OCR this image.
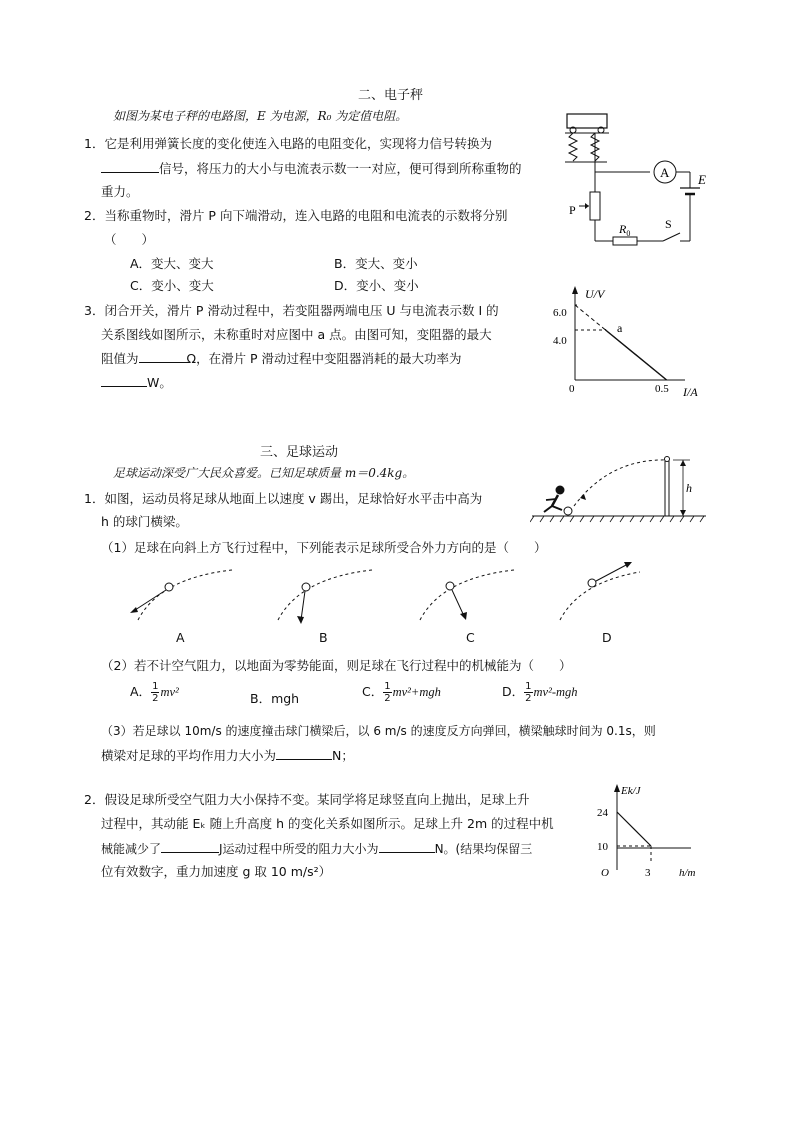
二、电子秤
如图为某电子秤的电路图，E 为电源，R₀ 为定值电阻。
1．它是利用弹簧长度的变化使连入电路的电阻变化，实现将力信号转换为
信号，将压力的大小与电流表示数一一对应，便可得到所称重物的
重力。
2．当称重物时，滑片 P 向下端滑动，连入电路的电阻和电流表的示数将分别
（　　）
A．变大、变大	B．变大、变小
C．变小、变大	D．变小、变小
3．闭合开关，滑片 P 滑动过程中，若变阻器两端电压 U 与电流表示数 I 的
关系图线如图所示，未称重时对应图中 a 点。由图可知，变阻器的最大
阻值为	Ω，在滑片 P 滑动过程中变阻器消耗的最大功率为
W。
A E
P
$R_0$
S
U/V
I/A
6.0
4.0
0	0.5
a
三、足球运动
足球运动深受广大民众喜爱。已知足球质量 m＝0.4kg。
1．如图，运动员将足球从地面上以速度 v 踢出，足球恰好水平击中高为
h 的球门横梁。
（1）足球在向斜上方飞行过程中，下列能表示足球所受合外力方向的是（　　）
h
A	B	C	D
（2）若不计空气阻力，以地面为零势能面，则足球在飞行过程中的机械能为（　　）
A． $\frac{1}{2} mv^2$	B．mgh	C． $\frac{1}{2} mv^2+mgh$	D． $\frac{1}{2} mv^2-mgh$
（3）若足球以 10m/s 的速度撞击球门横梁后，以 6 m/s 的速度反方向弹回，横梁触球时间为 0.1s，则
横梁对足球的平均作用力大小为	N；
2．假设足球所受空气阻力大小保持不变。某同学将足球竖直向上抛出，足球上升
过程中，其动能 Eₖ 随上升高度 h 的变化关系如图所示。足球上升 2m 的过程中机
械能减少了	J运动过程中所受的阻力大小为	N。(结果均保留三
位有效数字，重力加速度 g 取 10 m/s²）
Ek/J
h/m
24
10
O	3
